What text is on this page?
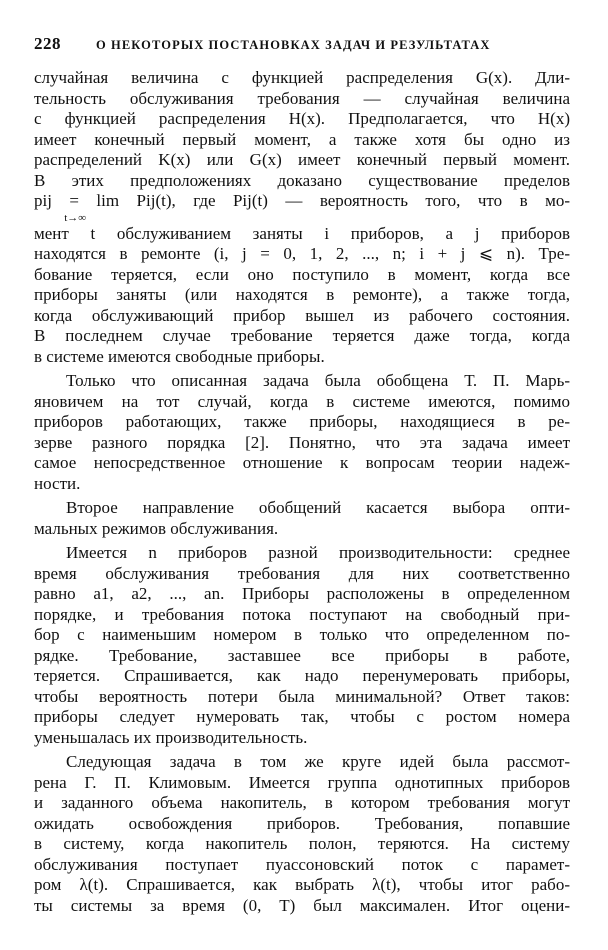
228	О НЕКОТОРЫХ ПОСТАНОВКАХ ЗАДАЧ И РЕЗУЛЬТАТАХ
случайная величина с функцией распределения G(x). Дли-
тельность обслуживания требования — случайная величина
с функцией распределения H(x). Предполагается, что H(x)
имеет конечный первый момент, а также хотя бы одно из
распределений K(x) или G(x) имеет конечный первый момент.
В этих предположениях доказано существование пределов
pij = lim Pij(t), где Pij(t) — вероятность того, что в мо-
t→∞
мент t обслуживанием заняты i приборов, а j приборов
находятся в ремонте (i, j = 0, 1, 2, ..., n; i + j ⩽ n). Тре-
бование теряется, если оно поступило в момент, когда все
приборы заняты (или находятся в ремонте), а также тогда,
когда обслуживающий прибор вышел из рабочего состояния.
В последнем случае требование теряется даже тогда, когда
в системе имеются свободные приборы.
Только что описанная задача была обобщена Т. П. Марь-
яновичем на тот случай, когда в системе имеются, помимо
приборов работающих, также приборы, находящиеся в ре-
зерве разного порядка [2]. Понятно, что эта задача имеет
самое непосредственное отношение к вопросам теории надеж-
ности.
Второе направление обобщений касается выбора опти-
мальных режимов обслуживания.
Имеется n приборов разной производительности: среднее
время обслуживания требования для них соответственно
равно a1, a2, ..., an. Приборы расположены в определенном
порядке, и требования потока поступают на свободный при-
бор с наименьшим номером в только что определенном по-
рядке. Требование, заставшее все приборы в работе,
теряется. Спрашивается, как надо перенумеровать приборы,
чтобы вероятность потери была минимальной? Ответ таков:
приборы следует нумеровать так, чтобы с ростом номера
уменьшалась их производительность.
Следующая задача в том же круге идей была рассмот-
рена Г. П. Климовым. Имеется группа однотипных приборов
и заданного объема накопитель, в котором требования могут
ожидать освобождения приборов. Требования, попавшие
в систему, когда накопитель полон, теряются. На систему
обслуживания поступает пуассоновский поток с парамет-
ром λ(t). Спрашивается, как выбрать λ(t), чтобы итог рабо-
ты системы за время (0, T) был максимален. Итог оцени-
